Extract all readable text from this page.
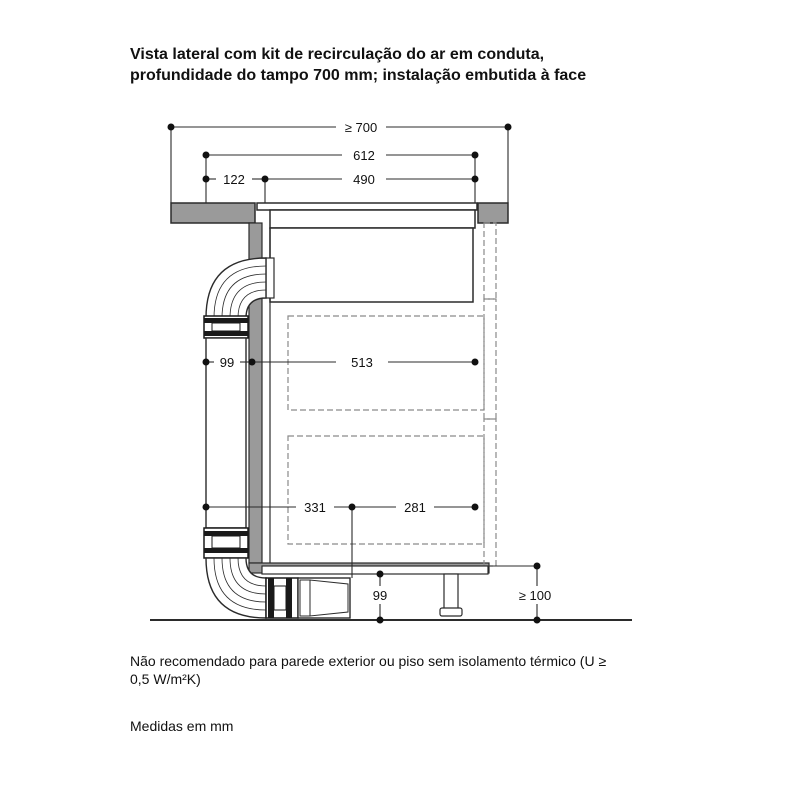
Vista lateral com kit de recirculação do ar em conduta,
profundidade do tampo 700 mm; instalação embutida à face
≥ 700
612
122	490
99	513
331	281
99	≥ 100
Não recomendado para parede exterior ou piso sem isolamento térmico (U ≥
0,5 W/m²K)
Medidas em mm
